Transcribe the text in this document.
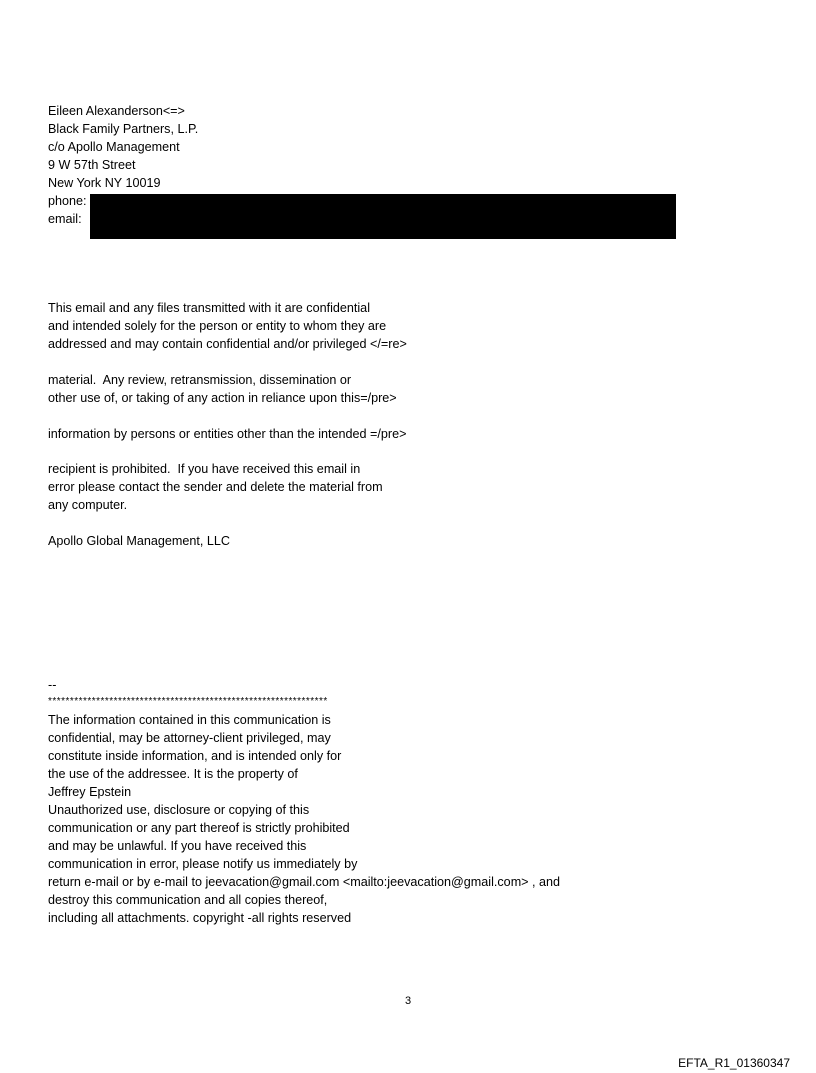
Eileen Alexanderson<=>
Black Family Partners, L.P.
c/o Apollo Management
9 W 57th Street
New York NY 10019
phone:
email:
This email and any files transmitted with it are confidential
and intended solely for the person or entity to whom they are
addressed and may contain confidential and/or privileged </=re>
material.  Any review, retransmission, dissemination or
other use of, or taking of any action in reliance upon this=/pre>
information by persons or entities other than the intended =/pre>
recipient is prohibited.  If you have received this email in
error please contact the sender and delete the material from
any computer.
Apollo Global Management, LLC
--
****************************************************************
The information contained in this communication is
confidential, may be attorney-client privileged, may
constitute inside information, and is intended only for
the use of the addressee. It is the property of
Jeffrey Epstein
Unauthorized use, disclosure or copying of this
communication or any part thereof is strictly prohibited
and may be unlawful. If you have received this
communication in error, please notify us immediately by
return e-mail or by e-mail to jeevacation@gmail.com <mailto:jeevacation@gmail.com> , and
destroy this communication and all copies thereof,
including all attachments. copyright -all rights reserved
3
EFTA_R1_01360347
